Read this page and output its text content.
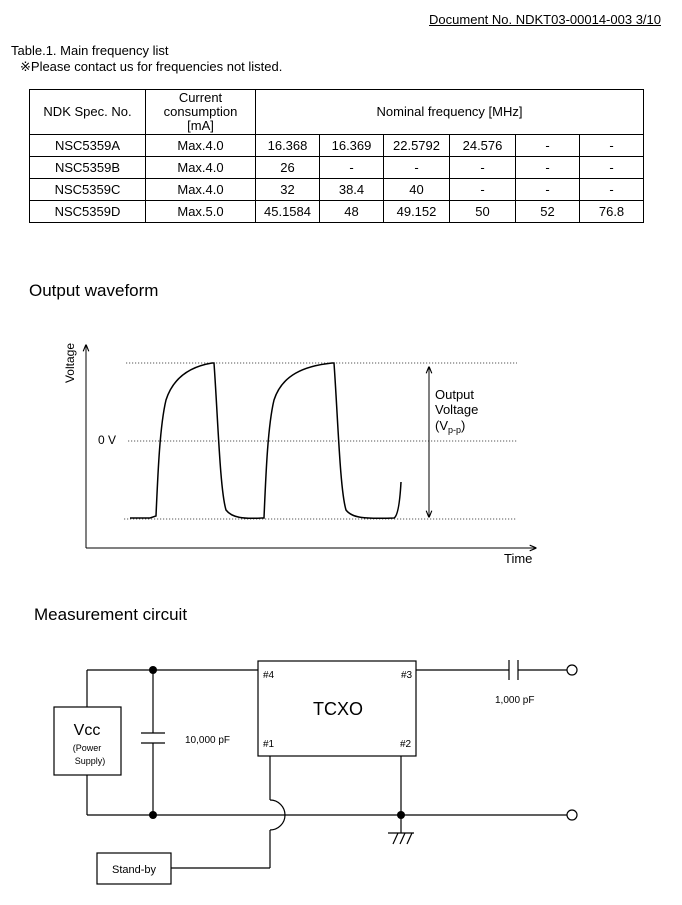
Document No. NDKT03-00014-003 3/10
Table.1. Main frequency list
※Please contact us for frequencies not listed.
NDK Spec. No.	Current
consumption
[mA]	Nominal frequency [MHz]					
NSC5359A	Max.4.0	16.368	16.369	22.5792	24.576	-	-
NSC5359B	Max.4.0	26	-	-	-	-	-
NSC5359C	Max.4.0	32	38.4	40	-	-	-
NSC5359D	Max.5.0	45.1584	48	49.152	50	52	76.8
Output waveform
Voltage
Time
0 V
Output
Voltage
$(V_{p-p})$
Measurement circuit
TCXO
#4	#3
#1	#2
Vcc
(Power
Supply)
10,000 pF
1,000 pF
Stand-by
